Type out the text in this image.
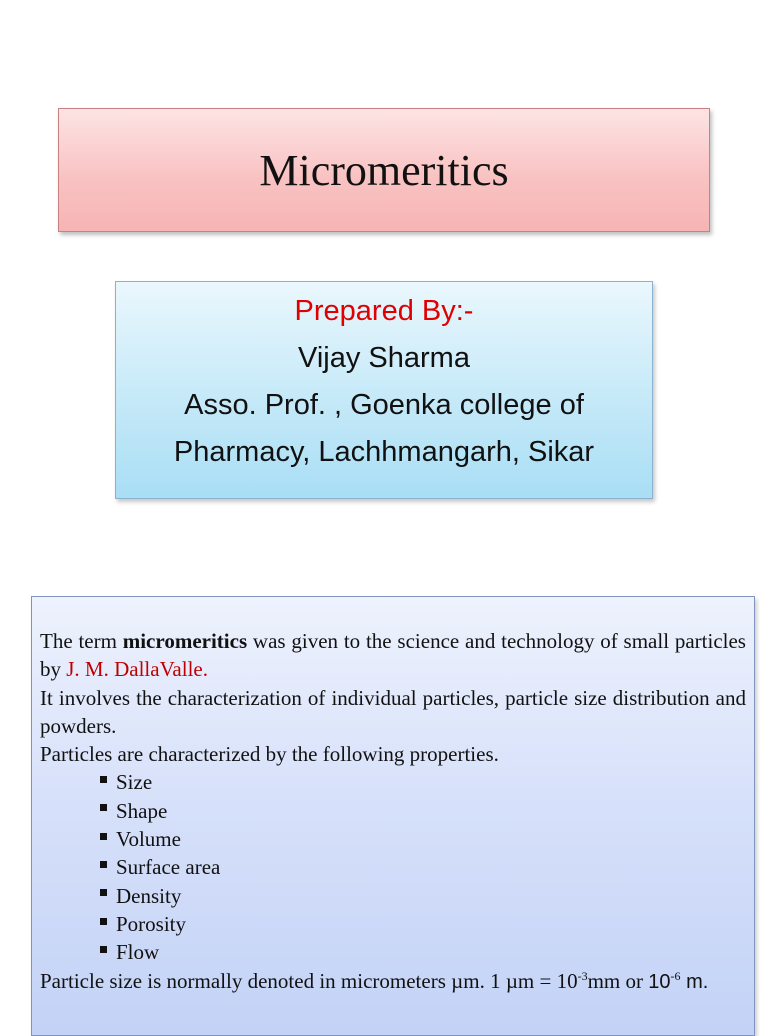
Micromeritics
Prepared By:-
Vijay Sharma
Asso. Prof. , Goenka college of
Pharmacy, Lachhmangarh, Sikar

The term micromeritics was given to the science and technology of small particles by J. M. DallaValle.

It involves the characterization of individual particles, particle size distribution and powders.

Particles are characterized by the following properties.

Size
Shape
Volume
Surface area
Density
Porosity
Flow

Particle size is normally denoted in micrometers µm. 1 $\mu m = 10^{-3}mm$ or $10^{-6}$ m.
